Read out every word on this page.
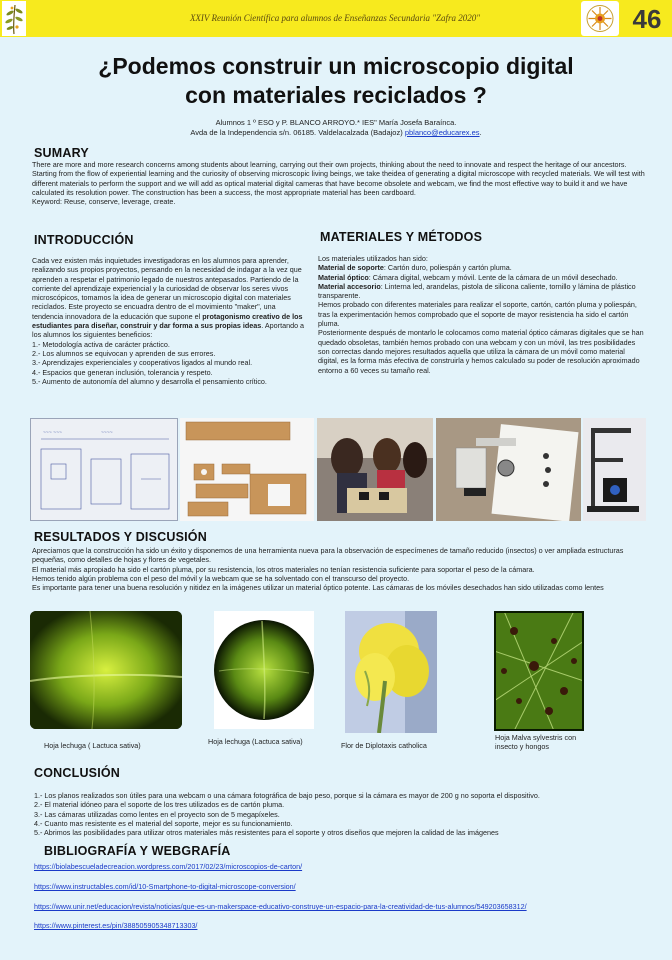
XXIV Reunión Científica para alumnos de Enseñanzas Secundaria "Zafra 2020"	46
¿Podemos construir un microscopio digital
con materiales reciclados ?
Alumnos 1 º ESO y P. BLANCO ARROYO.* IES" María Josefa Baraínca.
Avda de la Independencia s/n. 06185. Valdelacalzada (Badajoz) pblanco@educarex.es.
SUMARY

There are more and more research concerns among students about learning, carrying out their own projects, thinking about the need to innovate and respect the heritage of our ancestors. Starting from the flow of experiential learning and the curiosity of observing microscopic living beings, we take theidea of generating a digital microscope with recycled materials. We will test with different materials to perform the support and we will add as optical material digital cameras that have become obsolete and webcam, we find the most effective way to build it and we have calculated its resolution power. The construction has been a success, the most appropriate material has been cardboard.

Keyword: Reuse, conserve, leverage, create.

INTRODUCCIÓN

Cada vez existen más inquietudes investigadoras en los alumnos para aprender, realizando sus propios proyectos, pensando en la necesidad de indagar a la vez que aprenden a respetar el patrimonio legado de nuestros antepasados. Partiendo de la corriente del aprendizaje experiencial y la curiosidad de observar los seres vivos microscópicos, tomamos la idea de generar un microscopio digital con materiales reciclados. Este proyecto se encuadra dentro de el movimiento "maker", una tendencia innovadora de la educación que supone el protagonismo creativo de los estudiantes para diseñar, construir y dar forma a sus propias ideas. Aportando a los alumnos los siguientes beneficios:

1.- Metodología activa de carácter práctico.

2.- Los alumnos se equivocan y aprenden de sus errores.

3.- Aprendizajes experienciales y cooperativos ligados al mundo real.

4.- Espacios que generan inclusión, tolerancia y respeto.

5.- Aumento de autonomía del alumno y desarrolla el pensamiento crítico.

MATERIALES Y MÉTODOS

Los materiales utilizados han sido:

Material de soporte: Cartón duro, poliespán y cartón pluma.

Material óptico: Cámara digital, webcam y móvil. Lente de la cámara de un móvil desechado.

Material accesorio: Linterna led, arandelas, pistola de silicona caliente, tornillo y lámina de plástico transparente.

Hemos probado con diferentes materiales para realizar el soporte, cartón, cartón pluma y poliespán, tras la experimentación hemos comprobado que el soporte de mayor resistencia ha sido el cartón pluma.

Posteriormente después de montarlo le colocamos como material óptico cámaras digitales que se han quedado obsoletas, también hemos probado con una webcam y con un móvil, las tres posibilidades son correctas dando mejores resultados aquella que utiliza la cámara de un móvil como material digital, es la forma más efectiva de construirla y hemos calculado su poder de resolución aproximado entorno a 60 veces su tamaño real.

~~~ ~~~	~~~~
RESULTADOS Y DISCUSIÓN

Apreciamos que la construcción ha sido un éxito y disponemos de una herramienta nueva para la observación de especímenes de tamaño reducido (insectos) o ver ampliada estructuras pequeñas, como detalles de hojas y flores de vegetales.

El material más apropiado ha sido el cartón pluma, por su resistencia, los otros materiales no tenían resistencia suficiente para soportar el peso de la cámara.

Hemos tenido algún problema con el peso del móvil y la webcam que se ha solventado con el transcurso del proyecto.

Es importante para tener una buena resolución y nitidez en la imágenes utilizar un material óptico potente. Las cámaras de los móviles desechados han sido utilizadas como lentes

Hoja lechuga ( Lactuca sativa)	Hoja lechuga (Lactuca sativa)	Flor de Diplotaxis catholica
Hoja Malva sylvestris con
insecto y hongos
CONCLUSIÓN

1.- Los planos realizados son útiles para una webcam o una cámara fotográfica de bajo peso, porque si la cámara es mayor de 200 g no soporta el dispositivo.

2.- El material idóneo para el soporte de los tres utilizados es de cartón pluma.

3.- Las cámaras utilizadas como lentes en el proyecto son de 5 megapíxeles.

4.- Cuanto mas resistente es el material del soporte, mejor es su funcionamiento.

5.- Abrimos las posibilidades para utilizar otros materiales más resistentes para el soporte y otros diseños que mejoren la calidad de las imágenes

BIBLIOGRAFÍA Y WEBGRAFÍA
https://biolabescueladecreacion.wordpress.com/2017/02/23/microscopios-de-carton/
https://www.instructables.com/id/10-Smartphone-to-digital-microscope-conversion/
https://www.unir.net/educacion/revista/noticias/que-es-un-makerspace-educativo-construye-un-espacio-para-la-creatividad-de-tus-alumnos/549203658312/
https://www.pinterest.es/pin/388505905348713303/
